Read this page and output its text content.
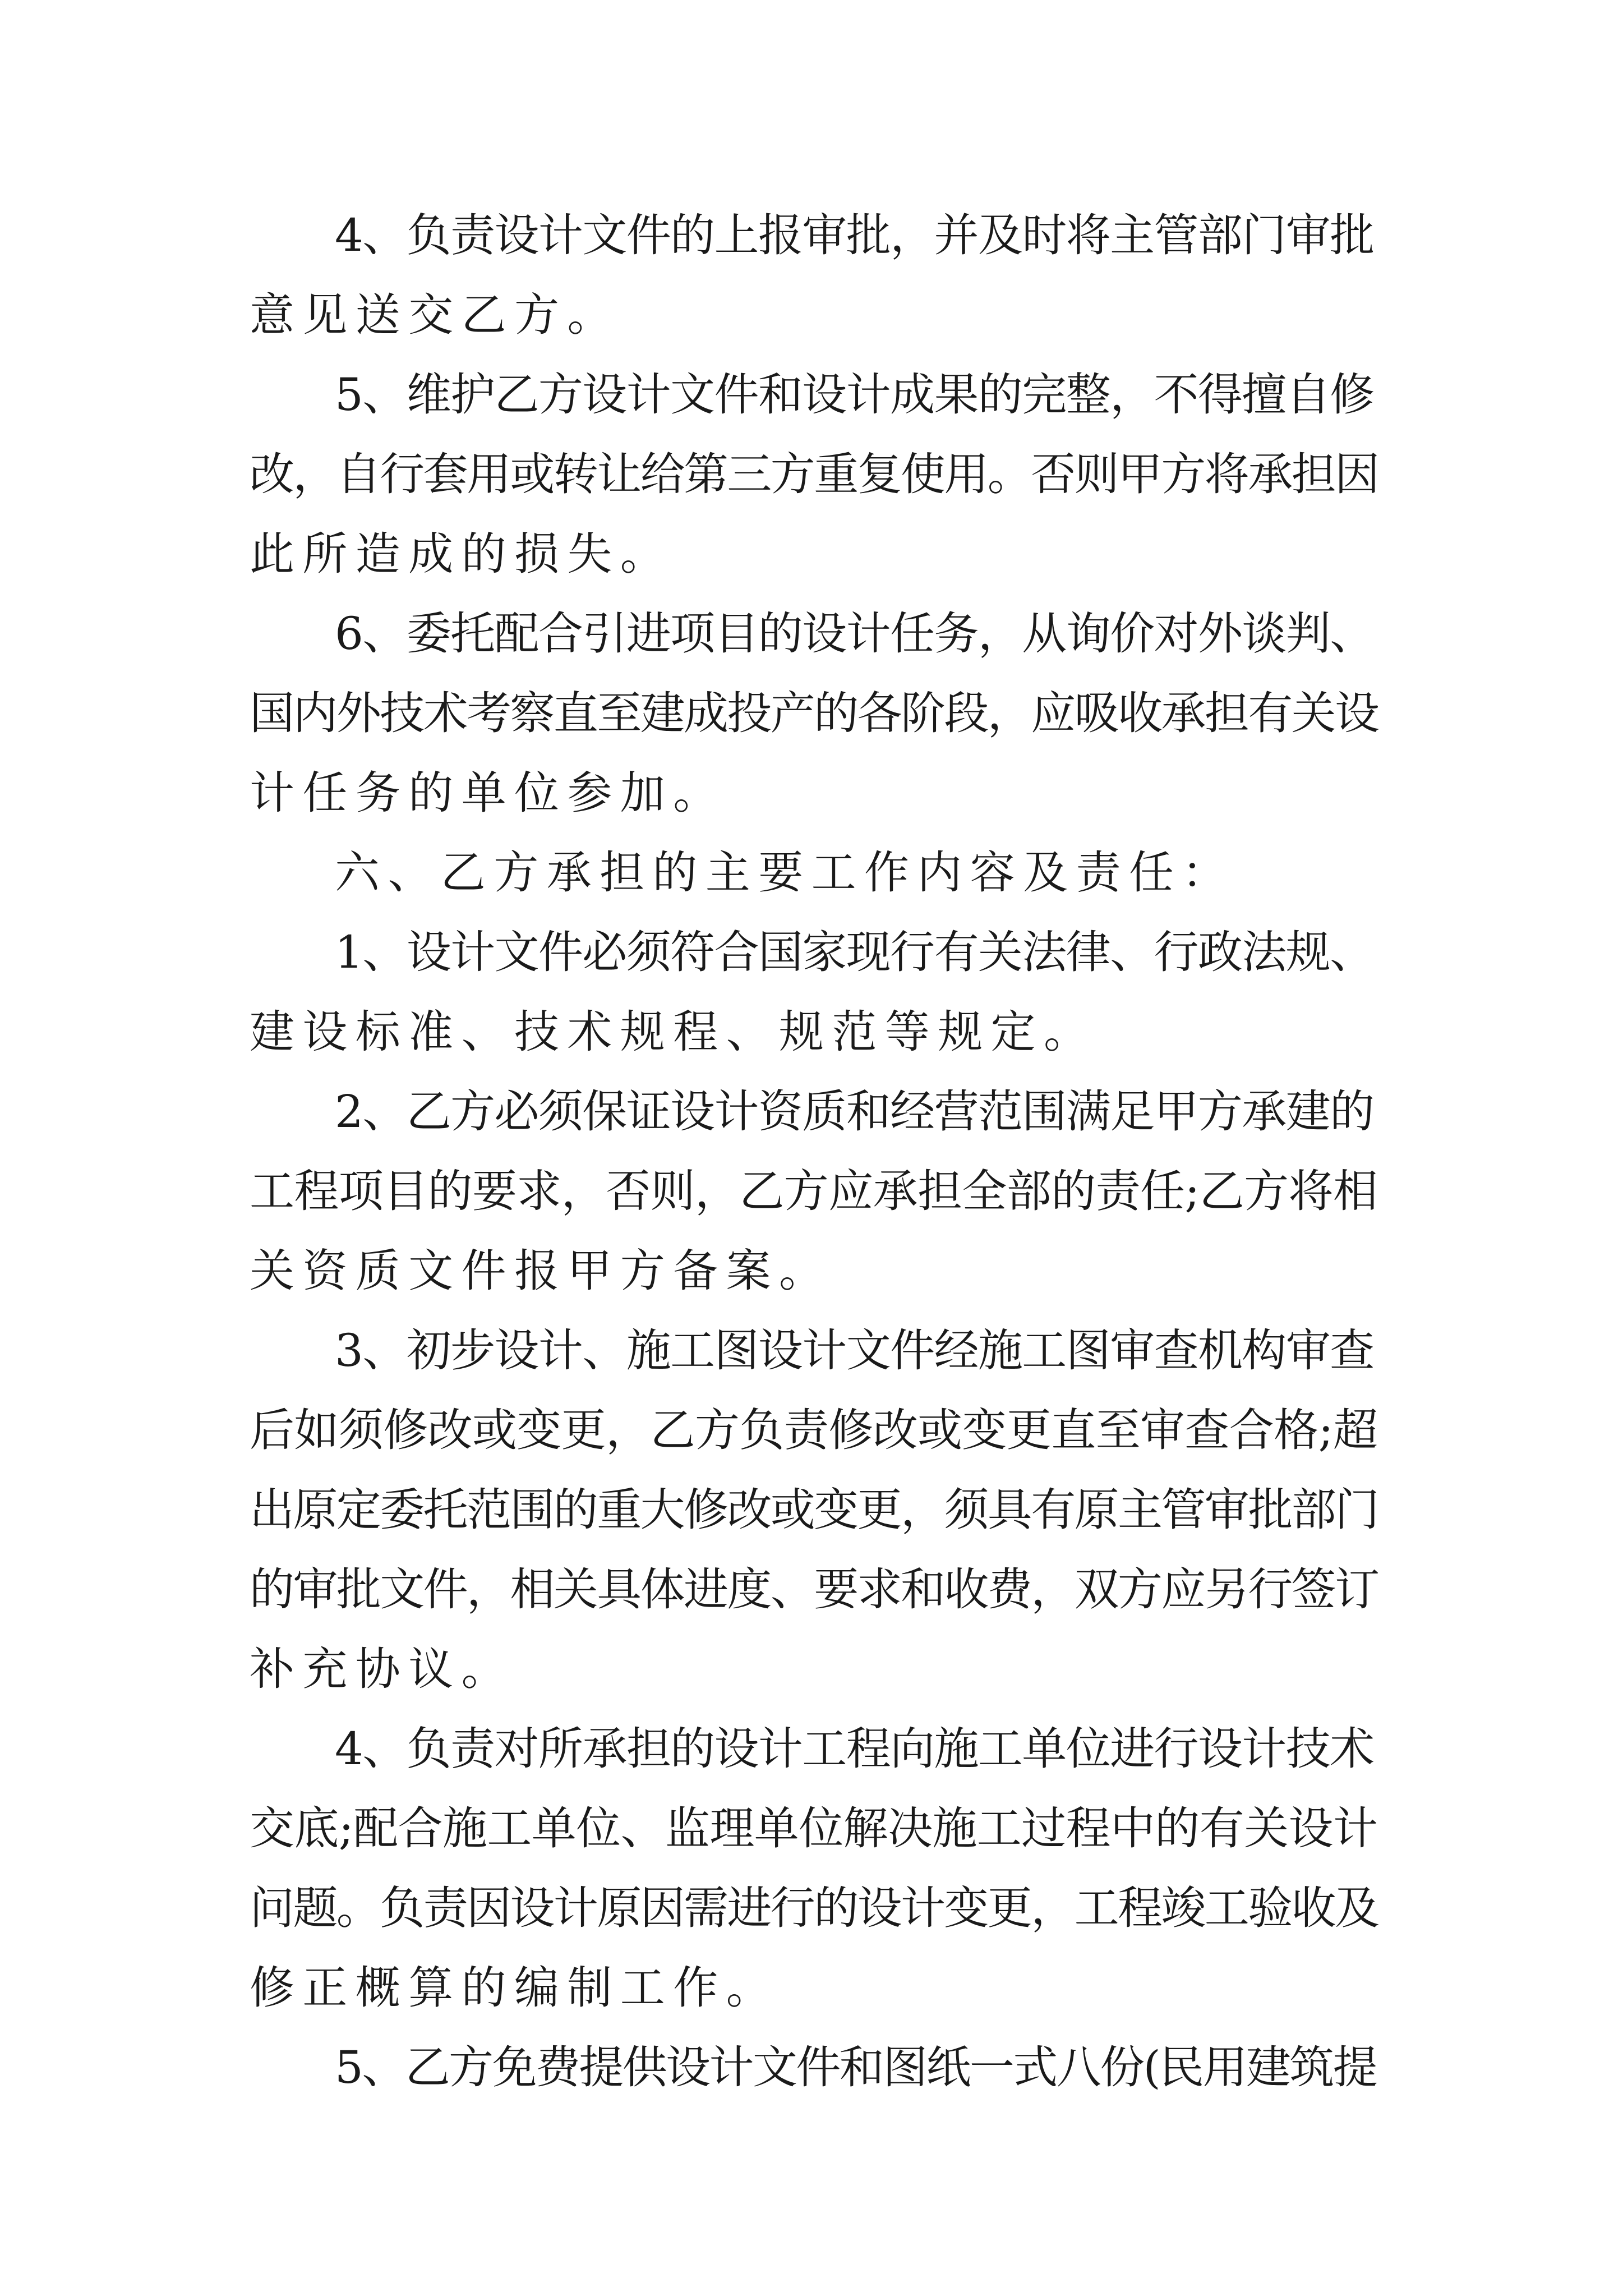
4、负责设计文件的上报审批，并及时将主管部门审批
意见送交乙方。
5、维护乙方设计文件和设计成果的完整，不得擅自修
改，自行套用或转让给第三方重复使用。否则甲方将承担因
此所造成的损失。
6、委托配合引进项目的设计任务，从询价对外谈判、
国内外技术考察直至建成投产的各阶段，应吸收承担有关设
计任务的单位参加。
六、乙方承担的主要工作内容及责任：
1、设计文件必须符合国家现行有关法律、行政法规、
建设标准、技术规程、规范等规定。
2、乙方必须保证设计资质和经营范围满足甲方承建的
工程项目的要求，否则，乙方应承担全部的责任;乙方将相
关资质文件报甲方备案。
3、初步设计、施工图设计文件经施工图审查机构审查
后如须修改或变更，乙方负责修改或变更直至审查合格;超
出原定委托范围的重大修改或变更，须具有原主管审批部门
的审批文件，相关具体进度、要求和收费，双方应另行签订
补充协议。
4、负责对所承担的设计工程向施工单位进行设计技术
交底;配合施工单位、监理单位解决施工过程中的有关设计
问题。负责因设计原因需进行的设计变更，工程竣工验收及
修正概算的编制工作。
5、乙方免费提供设计文件和图纸一式八份(民用建筑提
